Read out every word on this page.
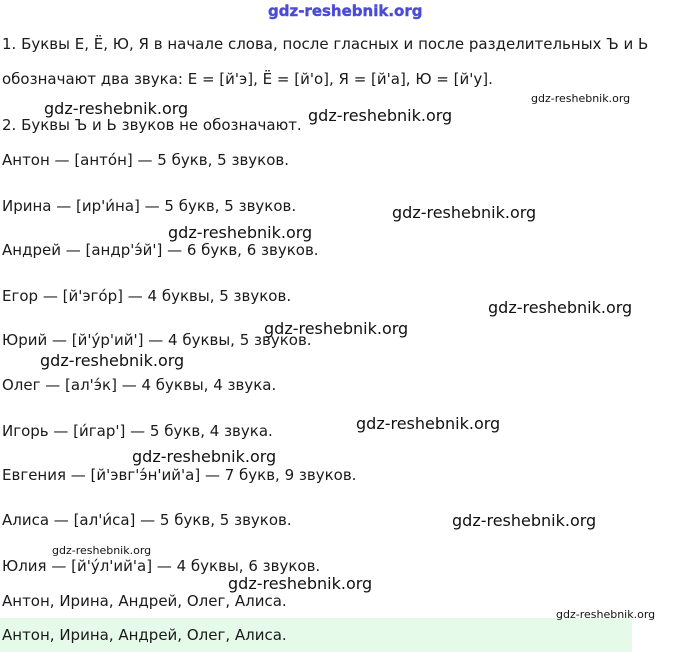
1. Буквы Е, Ё, Ю, Я в начале слова, после гласных и после разделительных Ъ и Ь
обозначают два звука: Е = [й'э], Ё = [й'о], Я = [й'а], Ю = [й'у].
2. Буквы Ъ и Ь звуков не обозначают.
Антон — [анто́н] — 5 букв, 5 звуков.
Ирина — [ир'и́на] — 5 букв, 5 звуков.
Андрей — [андр'э́й'] — 6 букв, 6 звуков.
Егор — [й'эго́р] — 4 буквы, 5 звуков.
Юрий — [й'у́р'ий'] — 4 буквы, 5 звуков.
Олег — [ал'э́к] — 4 буквы, 4 звука.
Игорь — [и́гар'] — 5 букв, 4 звука.
Евгения — [й'эвг'э́н'ий'а] — 7 букв, 9 звуков.
Алиса — [ал'и́са] — 5 букв, 5 звуков.
Юлия — [й'у́л'ий'а] — 4 буквы, 6 звуков.
Антон, Ирина, Андрей, Олег, Алиса.
Антон, Ирина, Андрей, Олег, Алиса.
gdz-reshebnik.org
gdz-reshebnik.org	gdz-reshebnik.org
gdz-reshebnik.org
gdz-reshebnik.org
gdz-reshebnik.org
gdz-reshebnik.org
gdz-reshebnik.org
gdz-reshebnik.org
gdz-reshebnik.org
gdz-reshebnik.org
gdz-reshebnik.org
gdz-reshebnik.org
gdz-reshebnik.org
gdz-reshebnik.org
